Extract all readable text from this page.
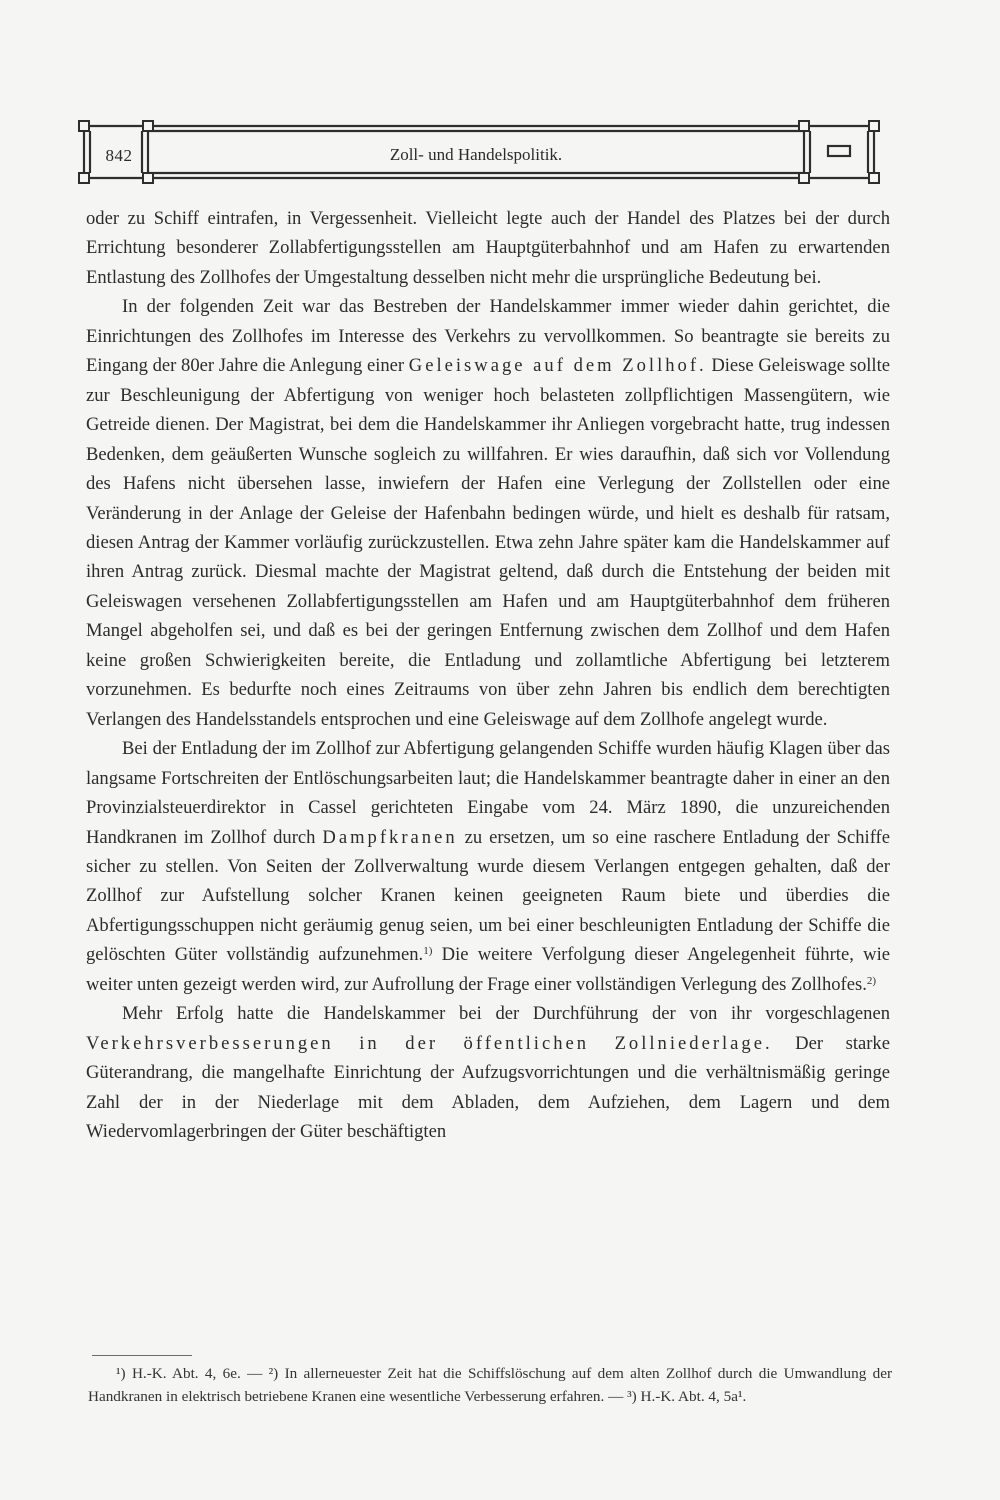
842	Zoll- und Handelspolitik.

oder zu Schiff eintrafen, in Vergessenheit. Vielleicht legte auch der Handel des Platzes bei der durch Errichtung besonderer Zollabfertigungsstellen am Hauptgüterbahnhof und am Hafen zu erwartenden Entlastung des Zollhofes der Umgestaltung desselben nicht mehr die ursprüngliche Bedeutung bei.

In der folgenden Zeit war das Bestreben der Handelskammer immer wieder dahin gerichtet, die Einrichtungen des Zollhofes im Interesse des Verkehrs zu vervollkommen. So beantragte sie bereits zu Eingang der 80er Jahre die Anlegung einer Geleiswage auf dem Zollhof. Diese Geleiswage sollte zur Beschleunigung der Abfertigung von weniger hoch belasteten zollpflichtigen Massengütern, wie Getreide dienen. Der Magistrat, bei dem die Handelskammer ihr Anliegen vorgebracht hatte, trug indessen Bedenken, dem geäußerten Wunsche sogleich zu willfahren. Er wies daraufhin, daß sich vor Vollendung des Hafens nicht übersehen lasse, inwiefern der Hafen eine Verlegung der Zollstellen oder eine Veränderung in der Anlage der Geleise der Hafenbahn bedingen würde, und hielt es deshalb für ratsam, diesen Antrag der Kammer vorläufig zurückzustellen. Etwa zehn Jahre später kam die Handelskammer auf ihren Antrag zurück. Diesmal machte der Magistrat geltend, daß durch die Entstehung der beiden mit Geleiswagen versehenen Zollabfertigungsstellen am Hafen und am Hauptgüterbahnhof dem früheren Mangel abgeholfen sei, und daß es bei der geringen Entfernung zwischen dem Zollhof und dem Hafen keine großen Schwierigkeiten bereite, die Entladung und zollamtliche Abfertigung bei letzterem vorzunehmen. Es bedurfte noch eines Zeitraums von über zehn Jahren bis endlich dem berechtigten Verlangen des Handelsstandels entsprochen und eine Geleiswage auf dem Zollhofe angelegt wurde.

Bei der Entladung der im Zollhof zur Abfertigung gelangenden Schiffe wurden häufig Klagen über das langsame Fortschreiten der Entlöschungsarbeiten laut; die Handelskammer beantragte daher in einer an den Provinzialsteuerdirektor in Cassel gerichteten Eingabe vom 24. März 1890, die unzureichenden Handkranen im Zollhof durch Dampfkranen zu ersetzen, um so eine raschere Entladung der Schiffe sicher zu stellen. Von Seiten der Zollverwaltung wurde diesem Verlangen entgegen gehalten, daß der Zollhof zur Aufstellung solcher Kranen keinen geeigneten Raum biete und überdies die Abfertigungsschuppen nicht geräumig genug seien, um bei einer beschleunigten Entladung der Schiffe die gelöschten Güter vollständig aufzunehmen.$^{1)}$ Die weitere Verfolgung dieser Angelegenheit führte, wie weiter unten gezeigt werden wird, zur Aufrollung der Frage einer vollständigen Verlegung des Zollhofes.$^{2)}$

Mehr Erfolg hatte die Handelskammer bei der Durchführung der von ihr vorgeschlagenen Verkehrsverbesserungen in der öffentlichen Zollniederlage. Der starke Güterandrang, die mangelhafte Einrichtung der Aufzugsvorrichtungen und die verhältnismäßig geringe Zahl der in der Niederlage mit dem Abladen, dem Aufziehen, dem Lagern und dem Wiedervomlagerbringen der Güter beschäftigten

¹) H.-K. Abt. 4, 6e. — ²) In allerneuester Zeit hat die Schiffslöschung auf dem alten Zollhof durch die Umwandlung der Handkranen in elektrisch betriebene Kranen eine wesentliche Verbesserung erfahren. — ³) H.-K. Abt. 4, 5a¹.
